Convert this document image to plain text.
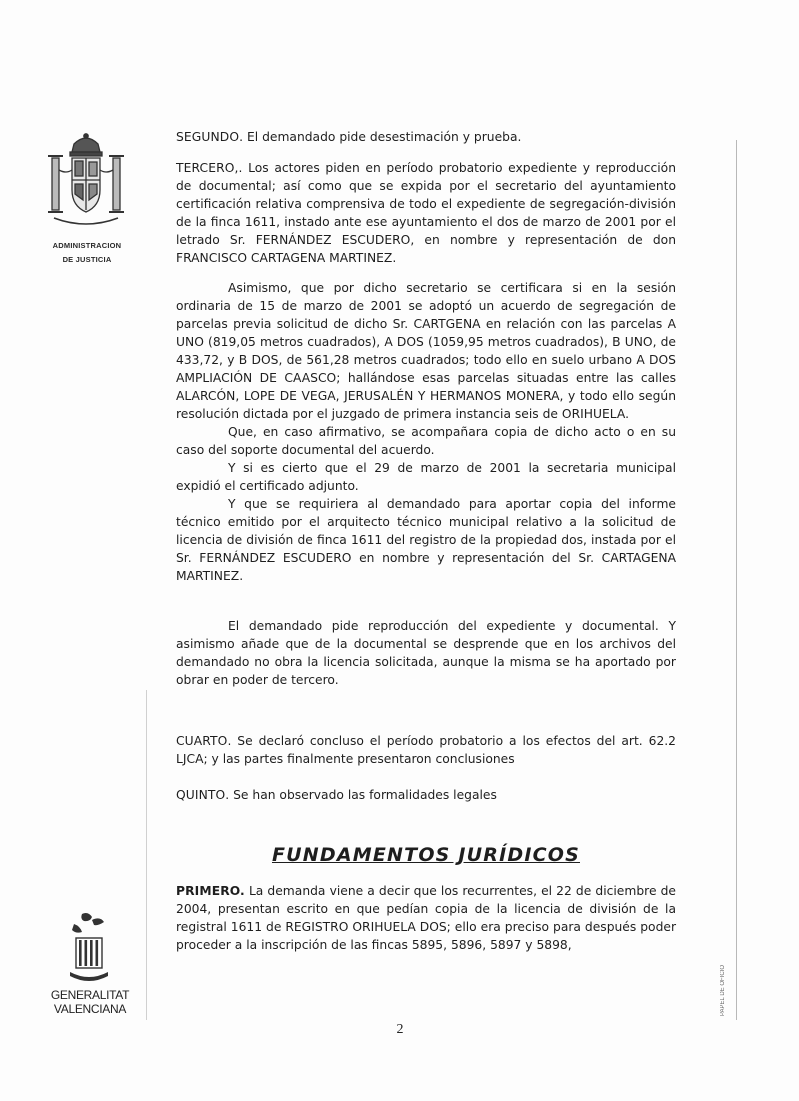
ADMINISTRACION
DE JUSTICIA
PAPEL DE OFICIO
GENERALITAT
VALENCIANA

SEGUNDO. El demandado pide desestimación y prueba.

TERCERO,. Los actores piden en período probatorio expediente y reproducción de documental; así como que se expida por el secretario del ayuntamiento certificación relativa comprensiva de todo el expediente de segregación-división de la finca 1611, instado ante ese ayuntamiento el dos de marzo de 2001 por el letrado Sr. FERNÁNDEZ ESCUDERO, en nombre y representación de don FRANCISCO CARTAGENA MARTINEZ.

Asimismo, que por dicho secretario se certificara si en la sesión ordinaria de 15 de marzo de 2001 se adoptó un acuerdo de segregación de parcelas previa solicitud de dicho Sr. CARTGENA en relación con las parcelas A UNO (819,05 metros cuadrados), A DOS (1059,95 metros cuadrados), B UNO, de 433,72, y B DOS, de 561,28 metros cuadrados; todo ello en suelo urbano A DOS AMPLIACIÓN DE CAASCO; hallándose esas parcelas situadas entre las calles ALARCÓN, LOPE DE VEGA, JERUSALÉN Y HERMANOS MONERA, y todo ello según resolución dictada por el juzgado de primera instancia seis de ORIHUELA.

Que, en caso afirmativo, se acompañara copia de dicho acto o en su caso del soporte documental del acuerdo.

Y si es cierto que el 29 de marzo de 2001 la secretaria municipal expidió el certificado adjunto.

Y que se requiriera al demandado para aportar copia del informe técnico emitido por el arquitecto técnico municipal relativo a la solicitud de licencia de división de finca 1611 del registro de la propiedad dos, instada por el Sr. FERNÁNDEZ ESCUDERO en nombre y representación del Sr. CARTAGENA MARTINEZ.

El demandado pide reproducción del expediente y documental. Y asimismo añade que de la documental se desprende que en los archivos del demandado no obra la licencia solicitada, aunque la misma se ha aportado por obrar en poder de tercero.

CUARTO. Se declaró concluso el período probatorio a los efectos del art. 62.2 LJCA; y las partes finalmente presentaron conclusiones

QUINTO. Se han observado las formalidades legales

FUNDAMENTOS JURÍDICOS

PRIMERO. La demanda viene a decir que los recurrentes, el 22 de diciembre de 2004, presentan escrito en que pedían copia de la licencia de división de la registral 1611 de REGISTRO ORIHUELA DOS; ello era preciso para después poder proceder a la inscripción de las fincas 5895, 5896, 5897 y 5898,

2
